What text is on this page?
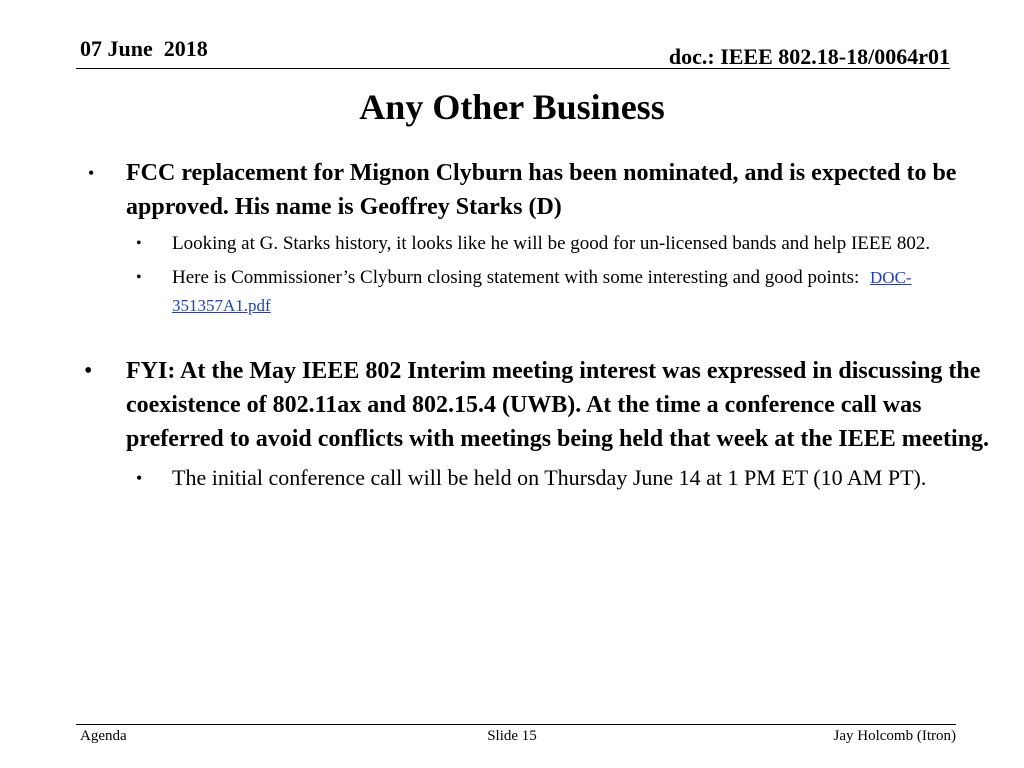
07 June  2018	doc.: IEEE 802.18-18/0064r01
Any Other Business
• FCC replacement for Mignon Clyburn has been nominated, and is expected to be approved. His name is Geoffrey Starks (D)
• Looking at G. Starks history, it looks like he will be good for un-licensed bands and help IEEE 802.
• Here is Commissioner’s Clyburn closing statement with some interesting and good points: DOC-351357A1.pdf
• FYI: At the May IEEE 802 Interim meeting interest was expressed in discussing the coexistence of 802.11ax and 802.15.4 (UWB). At the time a conference call was preferred to avoid conflicts with meetings being held that week at the IEEE meeting.
• The initial conference call will be held on Thursday June 14 at 1 PM ET (10 AM PT).
Agenda	Slide 15	Jay Holcomb (Itron)
